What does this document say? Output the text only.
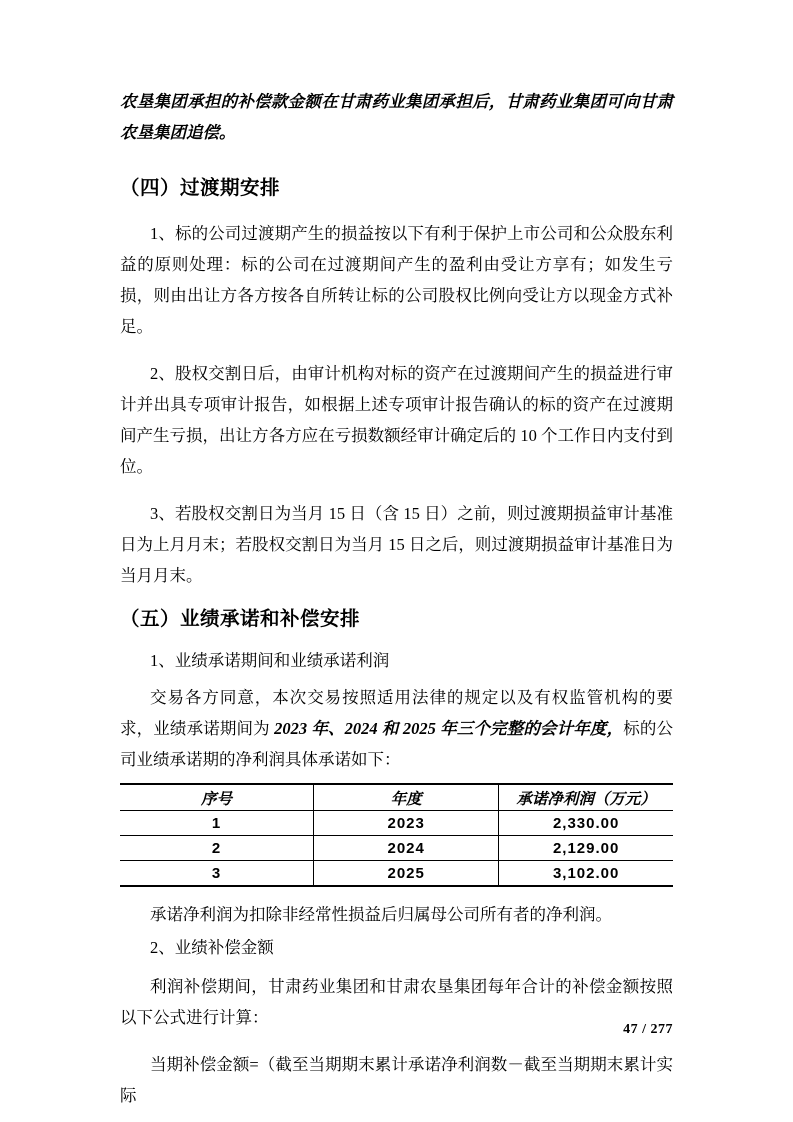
农垦集团承担的补偿款金额在甘肃药业集团承担后，甘肃药业集团可向甘肃农垦集团追偿。

（四）过渡期安排

1、标的公司过渡期产生的损益按以下有利于保护上市公司和公众股东利益的原则处理：标的公司在过渡期间产生的盈利由受让方享有；如发生亏损，则由出让方各方按各自所转让标的公司股权比例向受让方以现金方式补足。

2、股权交割日后，由审计机构对标的资产在过渡期间产生的损益进行审计并出具专项审计报告，如根据上述专项审计报告确认的标的资产在过渡期间产生亏损，出让方各方应在亏损数额经审计确定后的 10 个工作日内支付到位。

3、若股权交割日为当月 15 日（含 15 日）之前，则过渡期损益审计基准日为上月月末；若股权交割日为当月 15 日之后，则过渡期损益审计基准日为当月月末。

（五）业绩承诺和补偿安排

1、业绩承诺期间和业绩承诺利润

交易各方同意，本次交易按照适用法律的规定以及有权监管机构的要求，业绩承诺期间为 2023 年、2024 和 2025 年三个完整的会计年度，标的公司业绩承诺期的净利润具体承诺如下：

序号	年度	承诺净利润（万元）
1	2023	2,330.00
2	2024	2,129.00
3	2025	3,102.00

承诺净利润为扣除非经常性损益后归属母公司所有者的净利润。

2、业绩补偿金额

利润补偿期间，甘肃药业集团和甘肃农垦集团每年合计的补偿金额按照以下公式进行计算：

当期补偿金额=（截至当期期末累计承诺净利润数－截至当期期末累计实际

47 / 277
